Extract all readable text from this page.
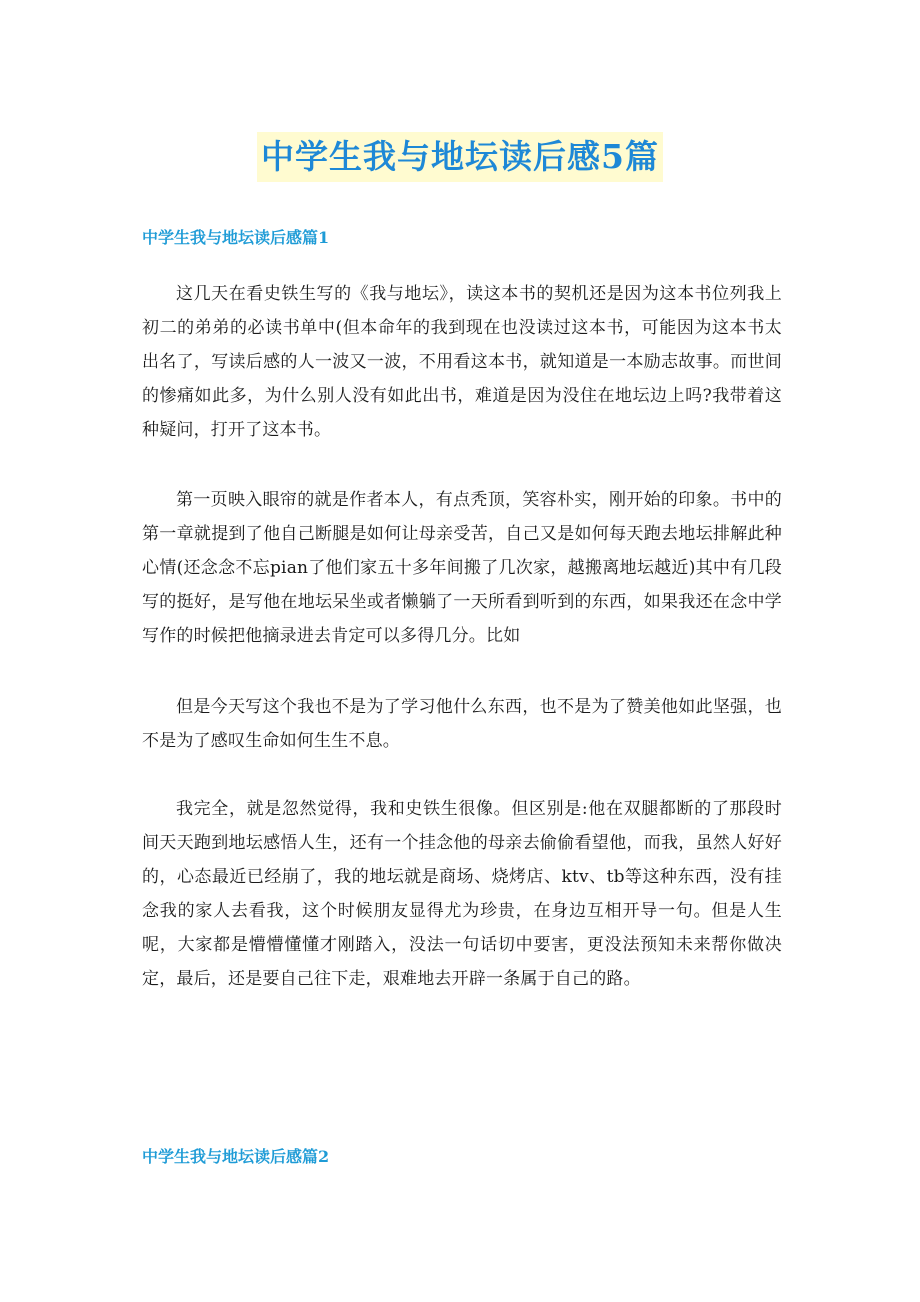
中学生我与地坛读后感5篇
中学生我与地坛读后感篇1

这几天在看史铁生写的《我与地坛》，读这本书的契机还是因为这本书位列我上初二的弟弟的必读书单中(但本命年的我到现在也没读过这本书，可能因为这本书太出名了，写读后感的人一波又一波，不用看这本书，就知道是一本励志故事。而世间的惨痛如此多，为什么别人没有如此出书，难道是因为没住在地坛边上吗?我带着这种疑问，打开了这本书。

第一页映入眼帘的就是作者本人，有点秃顶，笑容朴实，刚开始的印象。书中的第一章就提到了他自己断腿是如何让母亲受苦，自己又是如何每天跑去地坛排解此种心情(还念念不忘pian了他们家五十多年间搬了几次家，越搬离地坛越近)其中有几段写的挺好，是写他在地坛呆坐或者懒躺了一天所看到听到的东西，如果我还在念中学写作的时候把他摘录进去肯定可以多得几分。比如

但是今天写这个我也不是为了学习他什么东西，也不是为了赞美他如此坚强，也不是为了感叹生命如何生生不息。

我完全，就是忽然觉得，我和史铁生很像。但区别是:他在双腿都断的了那段时间天天跑到地坛感悟人生，还有一个挂念他的母亲去偷偷看望他，而我，虽然人好好的，心态最近已经崩了，我的地坛就是商场、烧烤店、ktv、tb等这种东西，没有挂念我的家人去看我，这个时候朋友显得尤为珍贵，在身边互相开导一句。但是人生呢，大家都是懵懵懂懂才刚踏入，没法一句话切中要害，更没法预知未来帮你做决定，最后，还是要自己往下走，艰难地去开辟一条属于自己的路。

中学生我与地坛读后感篇2
